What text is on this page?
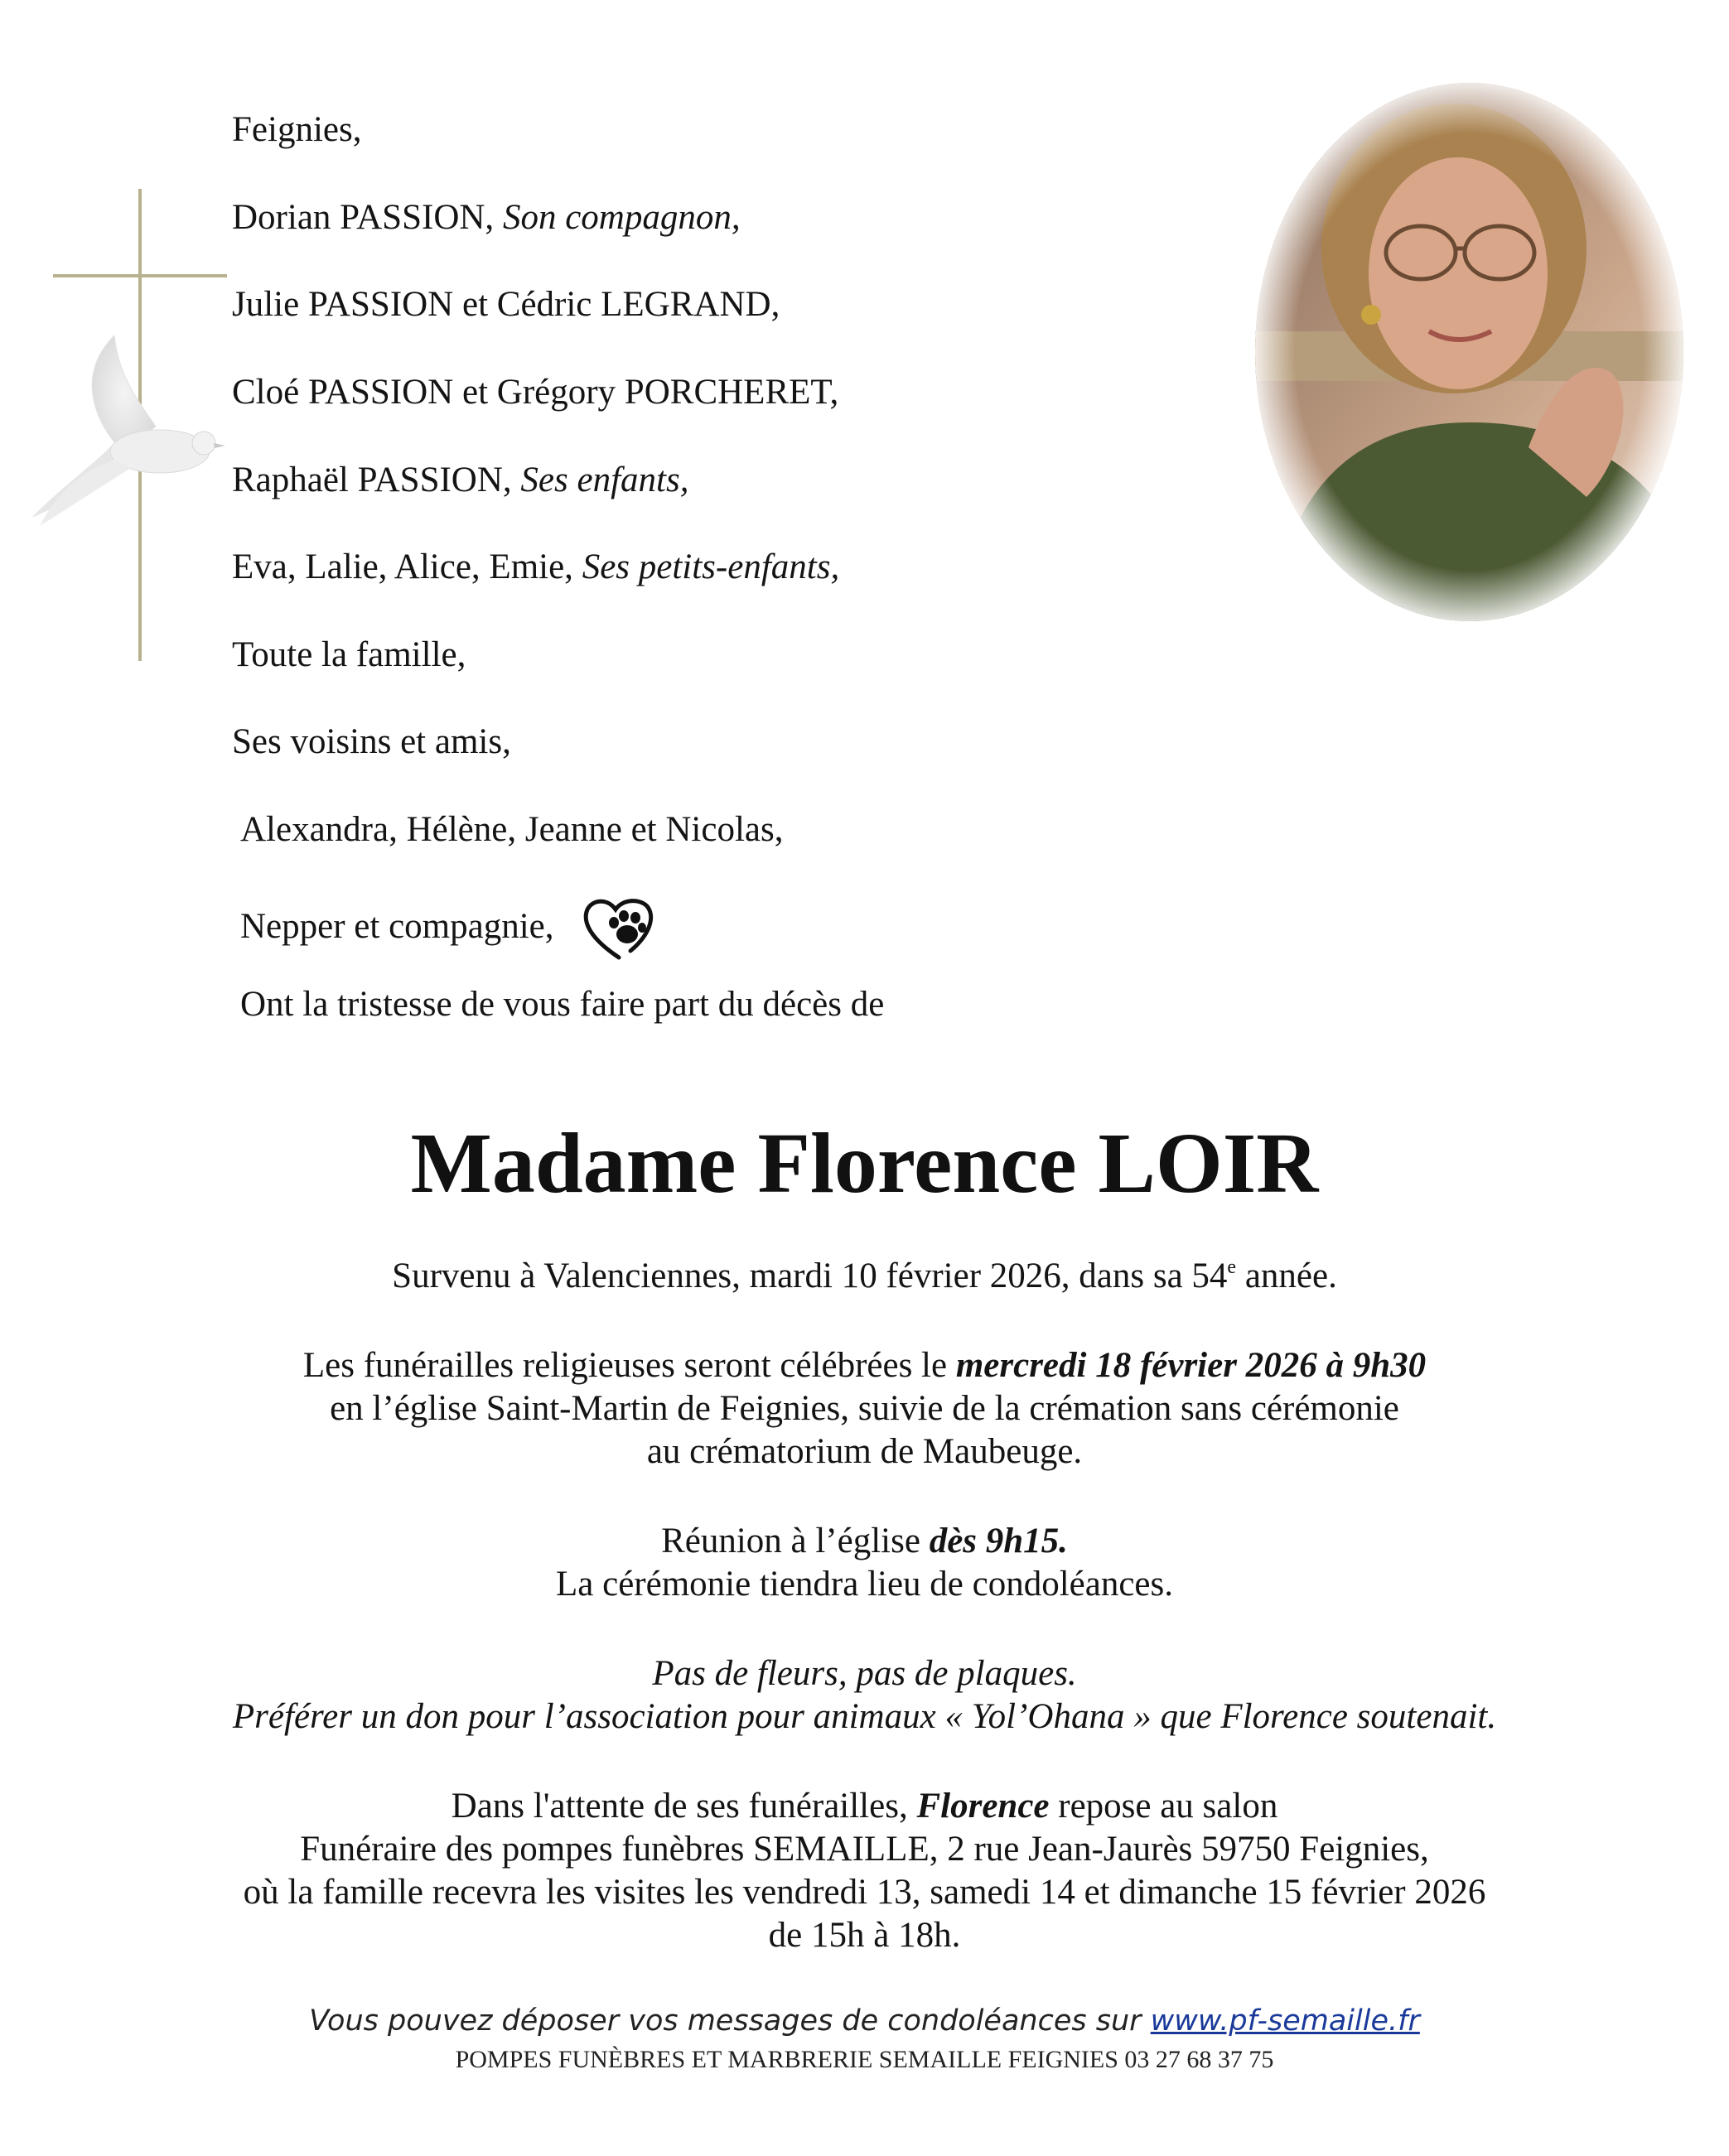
Feignies,
Dorian PASSION, Son compagnon,
Julie PASSION et Cédric LEGRAND,
Cloé PASSION et Grégory PORCHERET,
Raphaël PASSION, Ses enfants,
Eva, Lalie, Alice, Emie, Ses petits-enfants,
Toute la famille,
Ses voisins et amis,
Alexandra, Hélène, Jeanne et Nicolas,
Nepper et compagnie,
Ont la tristesse de vous faire part du décès de
Madame Florence LOIR
Survenu à Valenciennes, mardi 10 février 2026, dans sa 54e année.
Les funérailles religieuses seront célébrées le mercredi 18 février 2026 à 9h30
en l’église Saint-Martin de Feignies, suivie de la crémation sans cérémonie
au crématorium de Maubeuge.
Réunion à l’église dès 9h15.
La cérémonie tiendra lieu de condoléances.
Pas de fleurs, pas de plaques.
Préférer un don pour l’association pour animaux « Yol’Ohana » que Florence soutenait.
Dans l'attente de ses funérailles, Florence repose au salon
Funéraire des pompes funèbres SEMAILLE, 2 rue Jean-Jaurès 59750 Feignies,
où la famille recevra les visites les vendredi 13, samedi 14 et dimanche 15 février 2026
de 15h à 18h.
Vous pouvez déposer vos messages de condoléances sur www.pf-semaille.fr
POMPES FUNÈBRES ET MARBRERIE SEMAILLE FEIGNIES 03 27 68 37 75
